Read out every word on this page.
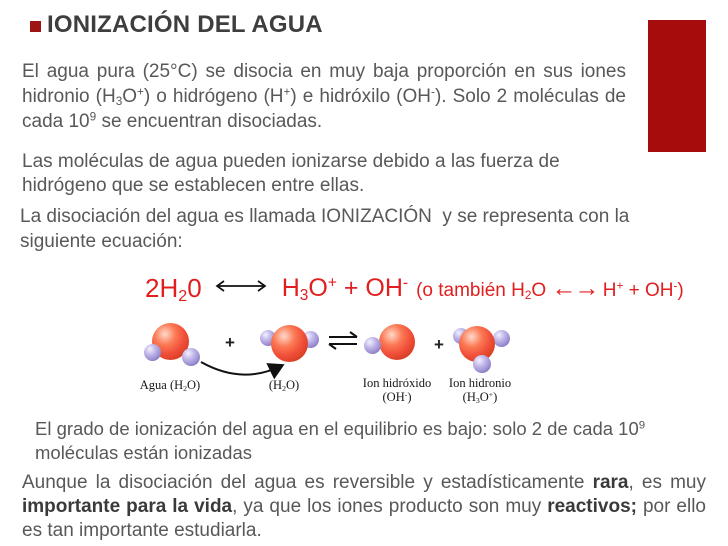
IONIZACIÓN DEL AGUA

El agua pura (25°C) se disocia en muy baja proporción en sus iones hidronio $(H_3O^+)$ o hidrógeno (H+) e hidróxilo (OH-). Solo 2 moléculas de cada $10^9$ se encuentran disociadas.

Las moléculas de agua pueden ionizarse debido a las fuerza de hidrógeno que se establecen entre ellas.

La disociación del agua es llamada IONIZACIÓN  y se representa con la siguiente ecuación:

$2H_20$	$H_3O^+ + OH^-$ (o también $H_2O$ ←→ H+ + OH-)
+	+
Agua $(H_2O)$	$(H_2O)$	Ion hidróxido
(OH-)
Ion hidronio
$(H_3O^+)$

El grado de ionización del agua en el equilibrio es bajo: solo 2 de cada $10^9$ moléculas están ionizadas

Aunque la disociación del agua es reversible y estadísticamente rara, es muy importante para la vida, ya que los iones producto son muy reactivos; por ello es tan importante estudiarla.
